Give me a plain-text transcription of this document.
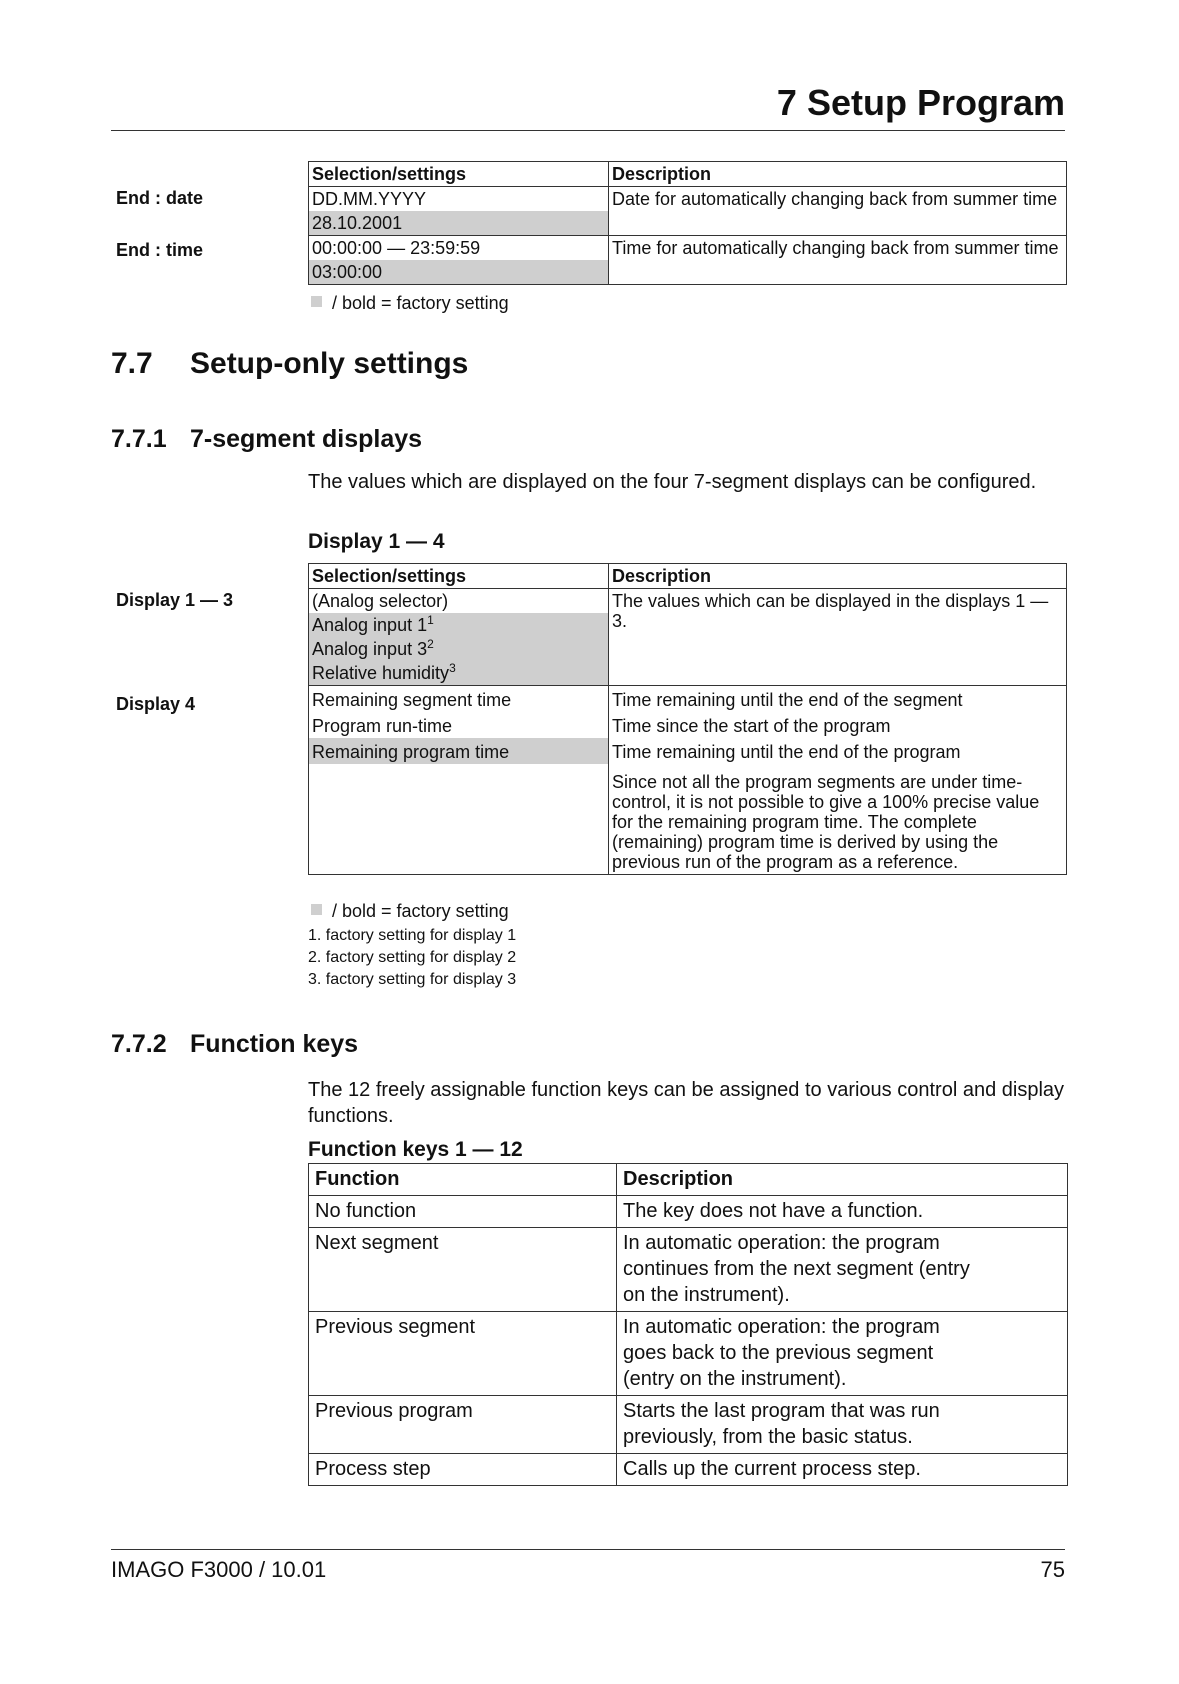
7 Setup Program
End : date
End : time
Selection/settings	Description
DD.MM.YYYY	Date for automatically changing back from summer time
28.10.2001	
00:00:00 — 23:59:59	Time for automatically changing back from summer time
03:00:00	
/ bold = factory setting
7.7 Setup-only settings
7.7.1 7-segment displays

The values which are displayed on the four 7-segment displays can be configured.

Display 1 — 4
Display 1 — 3
Display 4
Selection/settings	Description
(Analog selector)	The values which can be displayed in the displays 1 — 3.
Analog input $1^1$
Analog input $3^2$
Relative humidity$^3$
Remaining segment time	Time remaining until the end of the segment
Program run-time	Time since the start of the program
Remaining program time	Time remaining until the end of the program
	Since not all the program segments are under time-control, it is not possible to give a 100% precise value for the remaining program time. The complete (remaining) program time is derived by using the previous run of the program as a reference.
/ bold = factory setting
1. factory setting for display 1
2. factory setting for display 2
3. factory setting for display 3
7.7.2 Function keys

The 12 freely assignable function keys can be assigned to various control and display functions.

Function keys 1 — 12
Function	Description
No function	The key does not have a function.
Next segment	In automatic operation: the program continues from the next segment (entry on the instrument).
Previous segment	In automatic operation: the program goes back to the previous segment (entry on the instrument).
Previous program	Starts the last program that was run previously, from the basic status.
Process step	Calls up the current process step.
IMAGO F3000 / 10.01	75
